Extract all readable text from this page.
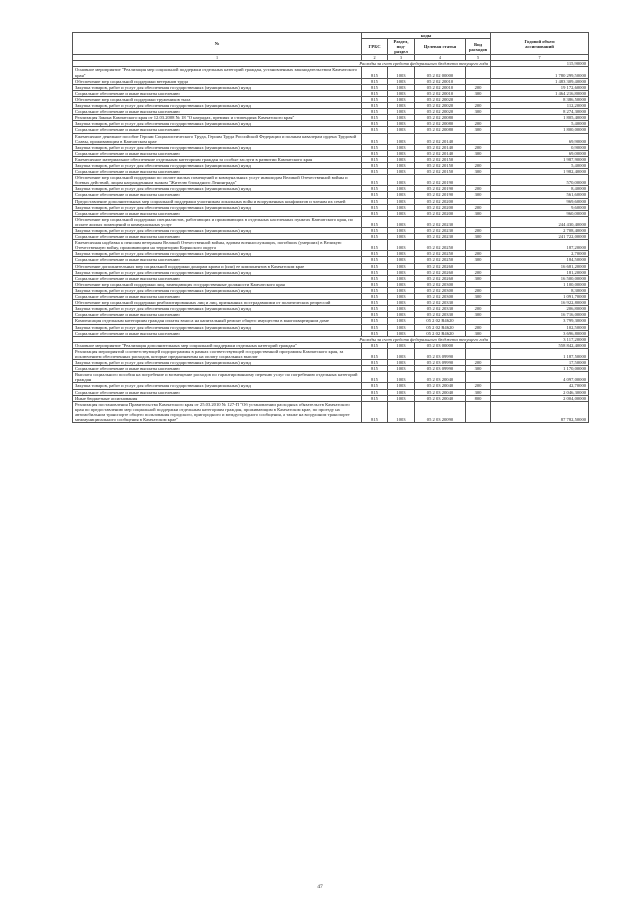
№	коды				Годовой объем
ассигнований
	ГРБС	Раздел, под-
раздел	Целевая статья	Вид
расходов	
1	2	3	4	5	7
Расходы за счет средств федерального бюджета текущего года					115,90000
Основное мероприятие "Реализация мер социальной поддержки отдельных категорий граждан, установленных законодательством Камчатского края"	815	1003	05 2 02 00000		1 780 299,50000
Обеспечение мер социальной поддержки ветеранов труда	815	1003	05 2 02 20010		1 483 309,40000
Закупка товаров, работ и услуг для обеспечения государственных (муниципальных) нужд	815	1003	05 2 02 20010	200	19 172,60000
Социальное обеспечение и иные выплаты населению	815	1003	05 2 02 20010	300	1 464 216,80000
Обеспечение мер социальной поддержки тружеников тыла	815	1003	05 2 02 20020		8 386,50000
Закупка товаров, работ и услуг для обеспечения государственных (муниципальных) нужд	815	1003	05 2 02 20020	200	112,20000
Социальное обеспечение и иные выплаты населению	815	1003	05 2 02 20020	300	8 274,30000
Реализация Закона Камчатского края от 12.03.2008 № 18 "О наградах, премиях и стипендиях Камчатского края"	815	1003	05 2 02 20080		1 805,40000
Закупка товаров, работ и услуг для обеспечения государственных (муниципальных) нужд	815	1003	05 2 02 20080	200	5,40000
Социальное обеспечение и иные выплаты населению	815	1003	05 2 02 20080	300	1 800,00000
Ежемесячное денежное пособие Героям Социалистического Труда, Героям Труда Российской Федерации и полным кавалерам ордена Трудовой Славы, проживающим в Камчатском крае	815	1003	05 2 02 20140		69,90000
Закупка товаров, работ и услуг для обеспечения государственных (муниципальных) нужд	815	1003	05 2 02 20140	200	0,90000
Социальное обеспечение и иные выплаты населению	815	1003	05 2 02 20140	300	69,00000
Ежемесячное материальное обеспечение отдельным категориям граждан за особые заслуги в развитии Камчатского края	815	1003	05 2 02 20150		1 987,90000
Закупка товаров, работ и услуг для обеспечения государственных (муниципальных) нужд	815	1003	05 2 02 20150	200	5,40000
Социальное обеспечение и иные выплаты населению	815	1003	05 2 02 20150	300	1 982,40000
Обеспечение мер социальной поддержки по оплате жилых помещений и коммунальных услуг инвалидам Великой Отечественной войны и боевых действий, лицам награжденным знаком "Жителю блокадного Ленинграда"	815	1003	05 2 02 20190		570,00000
Закупка товаров, работ и услуг для обеспечения государственных (муниципальных) нужд	815	1003	05 2 02 20190	200	8,40000
Социальное обеспечение и иные выплаты населению	815	1003	05 2 02 20190	300	561,60000
Предоставление дополнительных мер социальной поддержки участникам локальных войн и вооруженных конфликтов и членам их семей	815	1003	05 2 02 20200		969,60000
Закупка товаров, работ и услуг для обеспечения государственных (муниципальных) нужд	815	1003	05 2 02 20200	200	9,60000
Социальное обеспечение и иные выплаты населению	815	1003	05 2 02 20200	300	960,00000
Обеспечение мер социальной поддержки специалистов, работающих и проживающих в отдельных населенных пунктах Камчатского края, по оплате жилых помещений и коммунальных услуг	815	1003	05 2 02 20230		244 430,40000
Закупка товаров, работ и услуг для обеспечения государственных (муниципальных) нужд	815	1003	05 2 02 20230	200	2 708,40000
Социальное обеспечение и иные выплаты населению	815	1003	05 2 02 20230	300	241 722,00000
Ежемесячная надбавка к пенсиям ветеранам Великой Отечественной войны, вдовам военнослужащих, погибших (умерших) в Великую Отечественную войну, проживающим на территории Корякского округа	815	1003	05 2 02 20250		187,20000
Закупка товаров, работ и услуг для обеспечения государственных (муниципальных) нужд	815	1003	05 2 02 20250	200	2,70000
Социальное обеспечение и иные выплаты населению	815	1003	05 2 02 20250	300	184,50000
Обеспечение дополнительных мер социальной поддержки донорам крови и (или) ее компонентов в Камчатском крае	815	1003	05 2 02 20260		16 681,20000
Закупка товаров, работ и услуг для обеспечения государственных (муниципальных) нужд	815	1003	05 2 02 20260	200	181,20000
Социальное обеспечение и иные выплаты населению	815	1003	05 2 02 20260	300	16 500,00000
Обеспечение мер социальной поддержки лиц, замещающих государственные должности Камчатского края	815	1003	05 2 02 20300		1 100,00000
Закупка товаров, работ и услуг для обеспечения государственных (муниципальных) нужд	815	1003	05 2 02 20300	200	8,30000
Социальное обеспечение и иные выплаты населению	815	1003	05 2 02 20300	300	1 091,70000
Обеспечение мер социальной поддержки реабилитированных лиц и лиц, признанных пострадавшими от политических репрессий	815	1003	05 2 02 20330		16 922,80000
Закупка товаров, работ и услуг для обеспечения государственных (муниципальных) нужд	815	1003	05 2 02 20330	200	206,80000
Социальное обеспечение и иные выплаты населению	815	1003	05 2 02 20330	300	16 716,00000
Компенсация отдельным категориям граждан оплаты взноса на капитальный ремонт общего имущества в многоквартирном доме	815	1003	05 2 02 R4620		3 799,30000
Закупка товаров, работ и услуг для обеспечения государственных (муниципальных) нужд	815	1003	05 2 02 R4620	200	102,50000
Социальное обеспечение и иные выплаты населению	815	1003	05 2 02 R4620	300	3 696,80000
Расходы за счет средств федерального бюджета текущего года					3 117,20000
Основное мероприятие "Реализация дополнительных мер социальной поддержки отдельных категорий граждан"	815	1003	05 2 03 00000		558 842,40000
Реализация мероприятий соответствующей подпрограммы в рамках соответствующей государственной программы Камчатского края, за исключением обеспеченных расходов, которые предназначены на оплату социальных выплат	815	1003	05 2 03 09990		1 187,50000
Закупка товаров, работ и услуг для обеспечения государственных (муниципальных) нужд	815	1003	05 2 03 09990	200	17,50000
Социальное обеспечение и иные выплаты населению	815	1003	05 2 03 09990	300	1 170,00000
Выплата социального пособия на погребение и возмещение расходов по гарантированному перечню услуг по погребению отдельных категорий граждан	815	1003	05 2 03 20040		4 097,00000
Закупка товаров, работ и услуг для обеспечения государственных (муниципальных) нужд	815	1003	05 2 03 20040	200	42,70000
Социальное обеспечение и иные выплаты населению	815	1003	05 2 03 20040	300	2 046,30000
Иные бюджетные ассигнования	815	1003	05 2 03 20040	800	2 004,00000
Реализация постановления Правительства Камчатского края от 25.03.2010 № 127-П "Об установлении расходных обязательств Камчатского края по предоставлению мер социальной поддержки отдельным категориям граждан, проживающим в Камчатском крае, по проезду на автомобильном транспорте общего пользования городского, пригородного и междугородного сообщения, а также на воздушном транспорте межмуниципального сообщения в Камчатском крае"	815	1003	05 2 03 20090		87 782,50000
47
